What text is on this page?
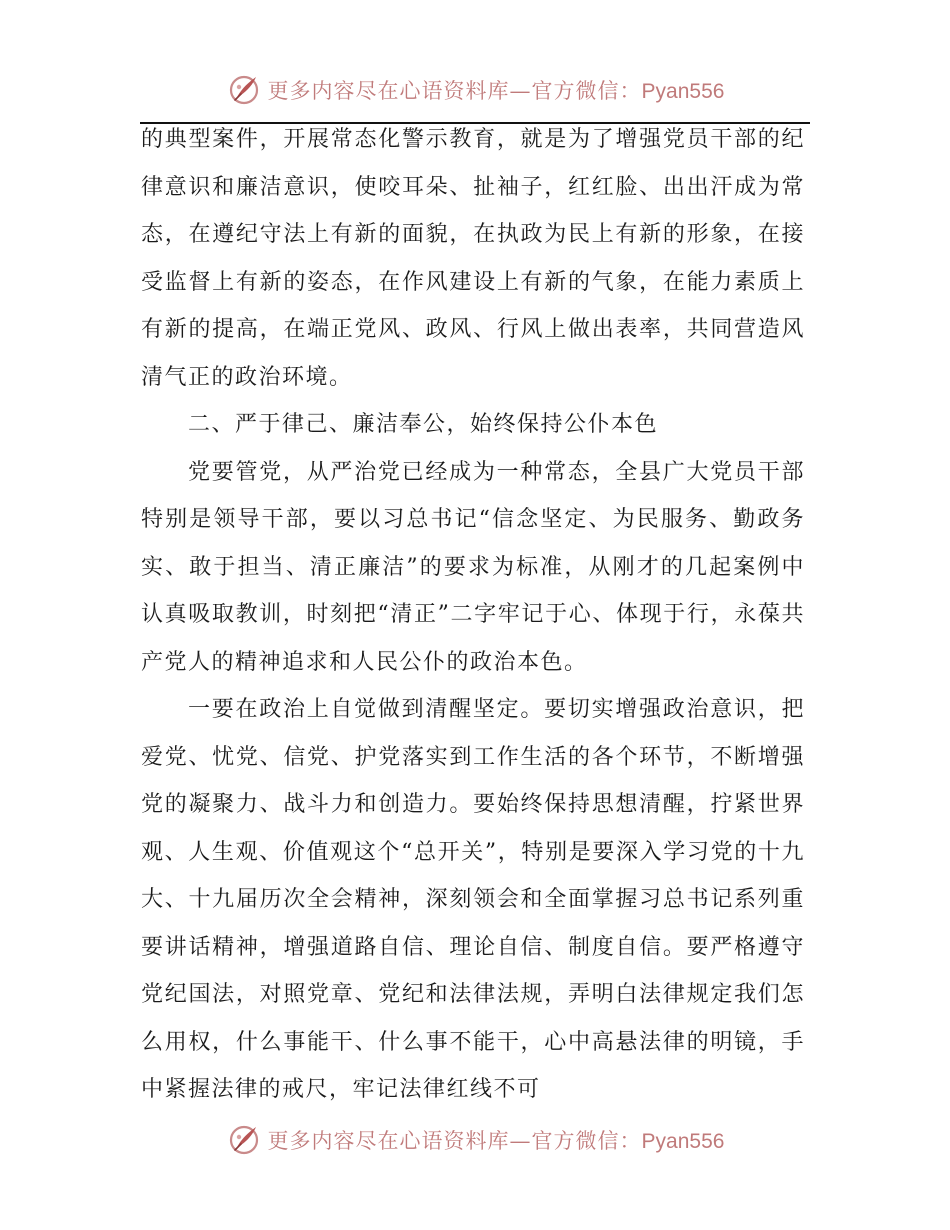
更多内容尽在心语资料库—官方微信：Pyan556

的典型案件，开展常态化警示教育，就是为了增强党员干部的纪律意识和廉洁意识，使咬耳朵、扯袖子，红红脸、出出汗成为常态，在遵纪守法上有新的面貌，在执政为民上有新的形象，在接受监督上有新的姿态，在作风建设上有新的气象，在能力素质上有新的提高，在端正党风、政风、行风上做出表率，共同营造风清气正的政治环境。

二、严于律己、廉洁奉公，始终保持公仆本色

党要管党，从严治党已经成为一种常态，全县广大党员干部特别是领导干部，要以习总书记“信念坚定、为民服务、勤政务实、敢于担当、清正廉洁”的要求为标准，从刚才的几起案例中认真吸取教训，时刻把“清正”二字牢记于心、体现于行，永葆共产党人的精神追求和人民公仆的政治本色。

一要在政治上自觉做到清醒坚定。要切实增强政治意识，把爱党、忧党、信党、护党落实到工作生活的各个环节，不断增强党的凝聚力、战斗力和创造力。要始终保持思想清醒，拧紧世界观、人生观、价值观这个“总开关”，特别是要深入学习党的十九大、十九届历次全会精神，深刻领会和全面掌握习总书记系列重要讲话精神，增强道路自信、理论自信、制度自信。要严格遵守党纪国法，对照党章、党纪和法律法规，弄明白法律规定我们怎么用权，什么事能干、什么事不能干，心中高悬法律的明镜，手中紧握法律的戒尺，牢记法律红线不可

更多内容尽在心语资料库—官方微信：Pyan556
